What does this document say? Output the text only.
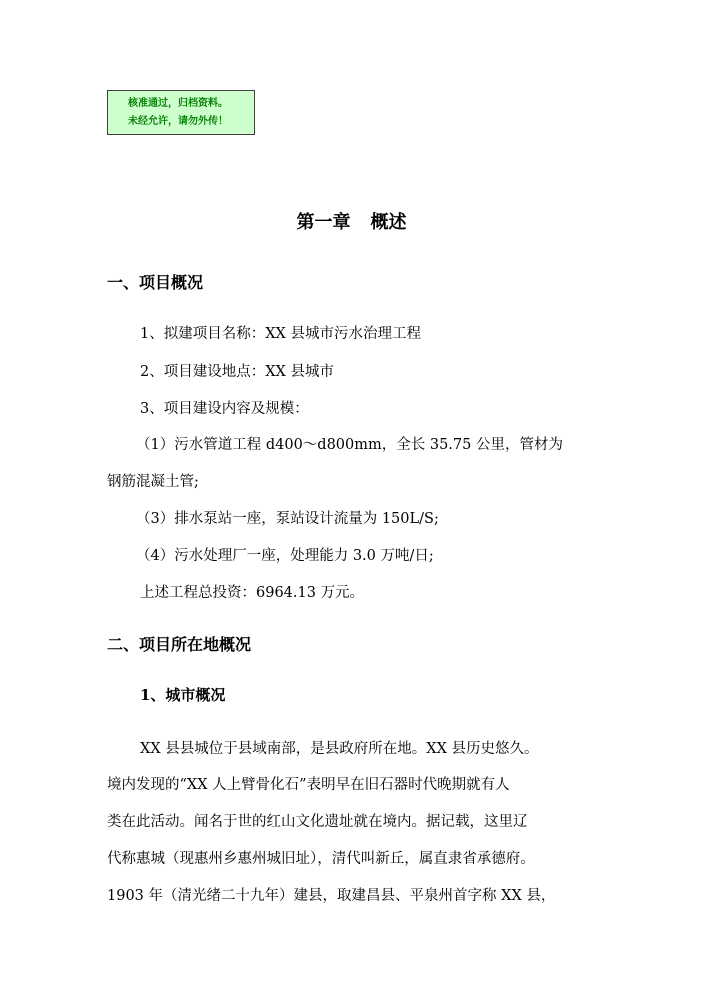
核准通过，归档资料。
未经允许，请勿外传！
第一章 概述
一、项目概况
1、拟建项目名称：XX 县城市污水治理工程
2、项目建设地点：XX 县城市
3、项目建设内容及规模：
（1）污水管道工程 d400～d800mm，全长 35.75 公里，管材为
钢筋混凝土管;
（3）排水泵站一座，泵站设计流量为 150L/S;
（4）污水处理厂一座，处理能力 3.0 万吨/日;
上述工程总投资：6964.13 万元。
二、项目所在地概况
1、城市概况
XX 县县城位于县域南部，是县政府所在地。XX 县历史悠久。
境内发现的“XX 人上臂骨化石”表明早在旧石器时代晚期就有人
类在此活动。闻名于世的红山文化遗址就在境内。据记载，这里辽
代称惠城（现惠州乡惠州城旧址），清代叫新丘，属直隶省承德府。
1903 年（清光绪二十九年）建县，取建昌县、平泉州首字称 XX 县，
